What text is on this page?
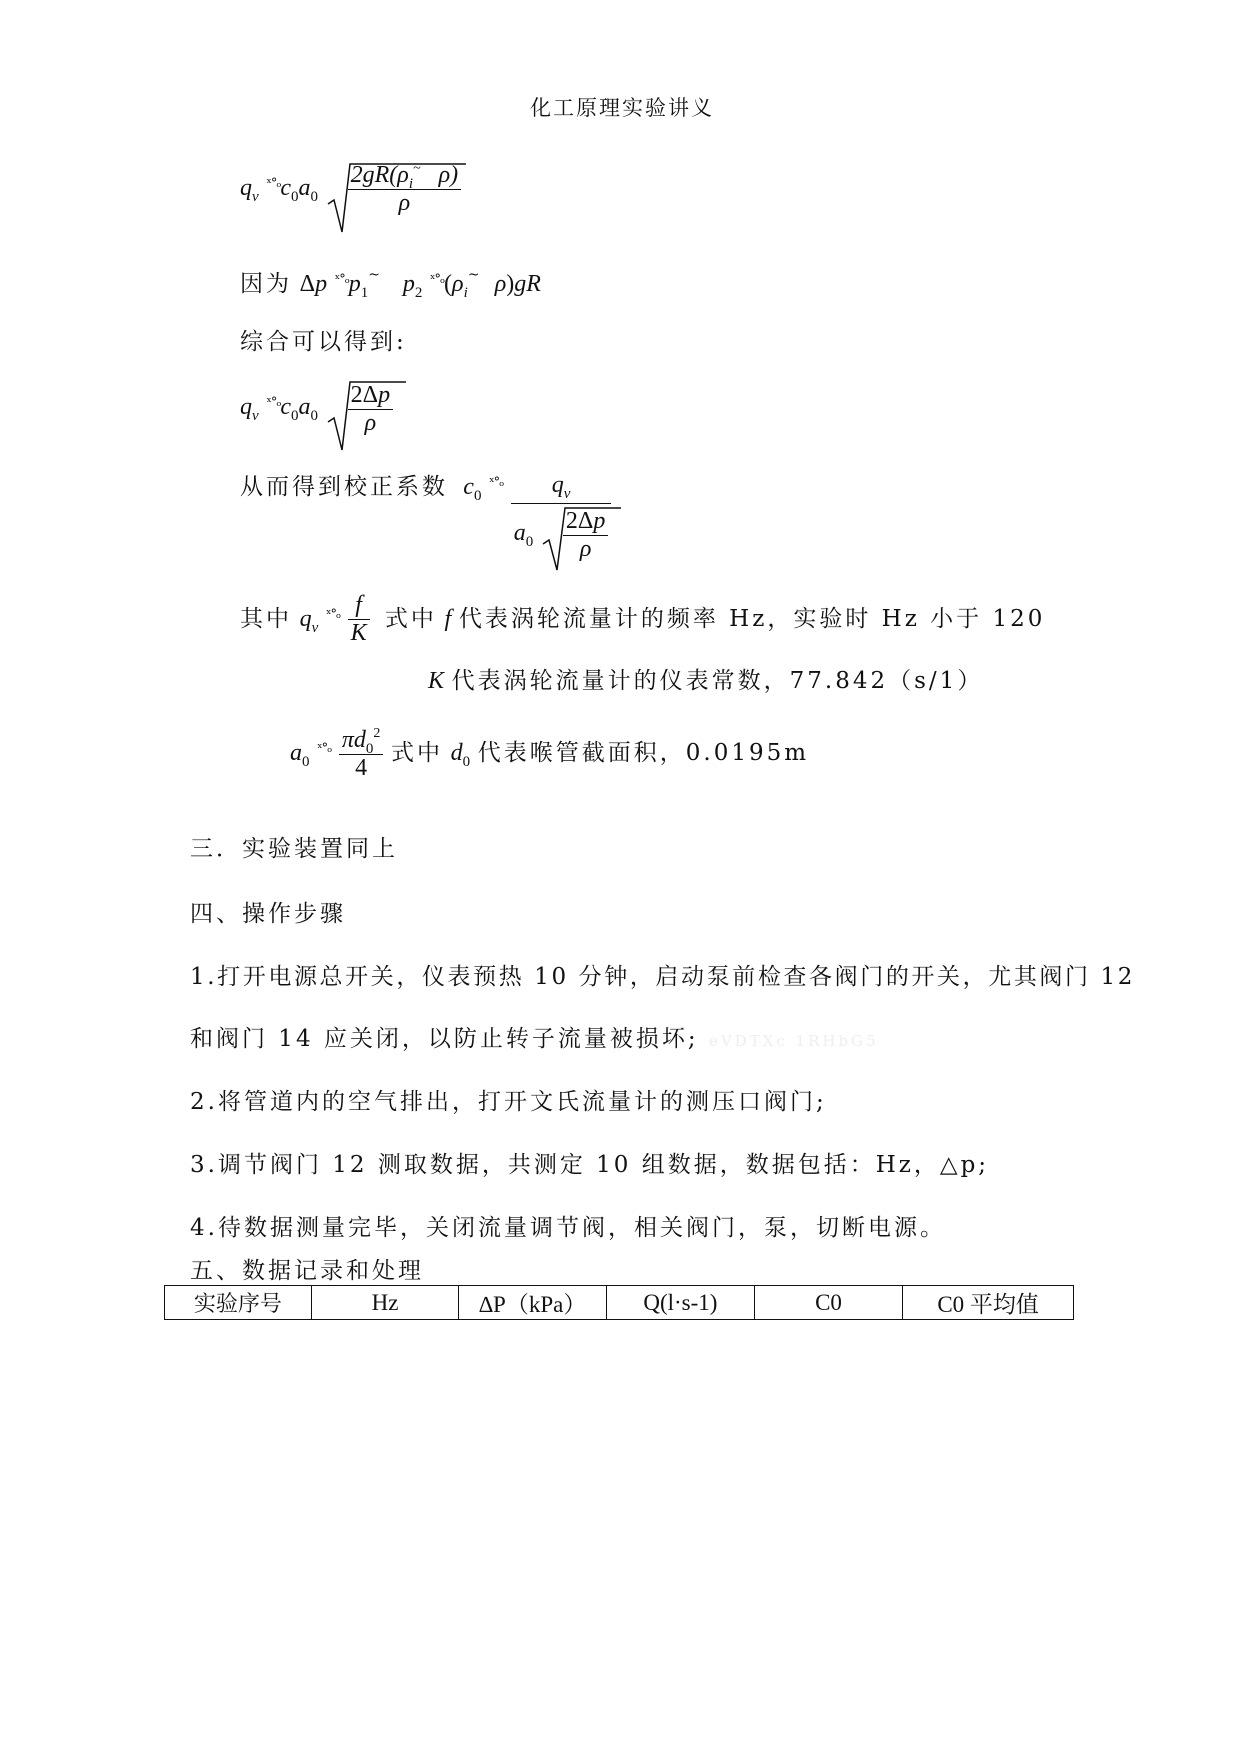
化工原理实验讲义
$q_v$ $^{ˣ^\circ_o}c_0a_0 \frac{2gR(\rho_i^\sim \rho)}{\rho}$
因为 Δp $^{ˣ^\circ_o}p_1^\sim$ $p_2$ $^{ˣ^\circ_o}(\rho_i^\sim$ ρ)gR
综合可以得到:
$q_v$ $^{ˣ^\circ_o}c_0a_0 \frac{2\Delta p}{\rho}$
从而得到校正系数 $c_0$ $^{ˣ^\circ_o} \frac{q_v}{a_0 \frac{2\Delta p}{\rho}}$
其中 $q_v$ $^{ˣ^\circ_o} \frac{f}{K}$ 式中 f 代表涡轮流量计的频率 Hz，实验时 Hz 小于 120
K 代表涡轮流量计的仪表常数，77.842（s/1）
$a_0$ $^{ˣ^\circ_o} \frac{\pi d_0^2}{4}$ 式中 $d_0$ 代表喉管截面积，0.0195m
三．实验装置同上
四、操作步骤
1.打开电源总开关，仪表预热 10 分钟，启动泵前检查各阀门的开关，尤其阀门 12
和阀门 14 应关闭，以防止转子流量被损坏; eVDTXc 1RHbG5
2.将管道内的空气排出，打开文氏流量计的测压口阀门;
3.调节阀门 12 测取数据，共测定 10 组数据，数据包括：Hz，△p;
4.待数据测量完毕，关闭流量调节阀，相关阀门，泵，切断电源。
五、数据记录和处理
实验序号	Hz	∆P（kPa）	Q(l·s-1)	C0	C0 平均值
